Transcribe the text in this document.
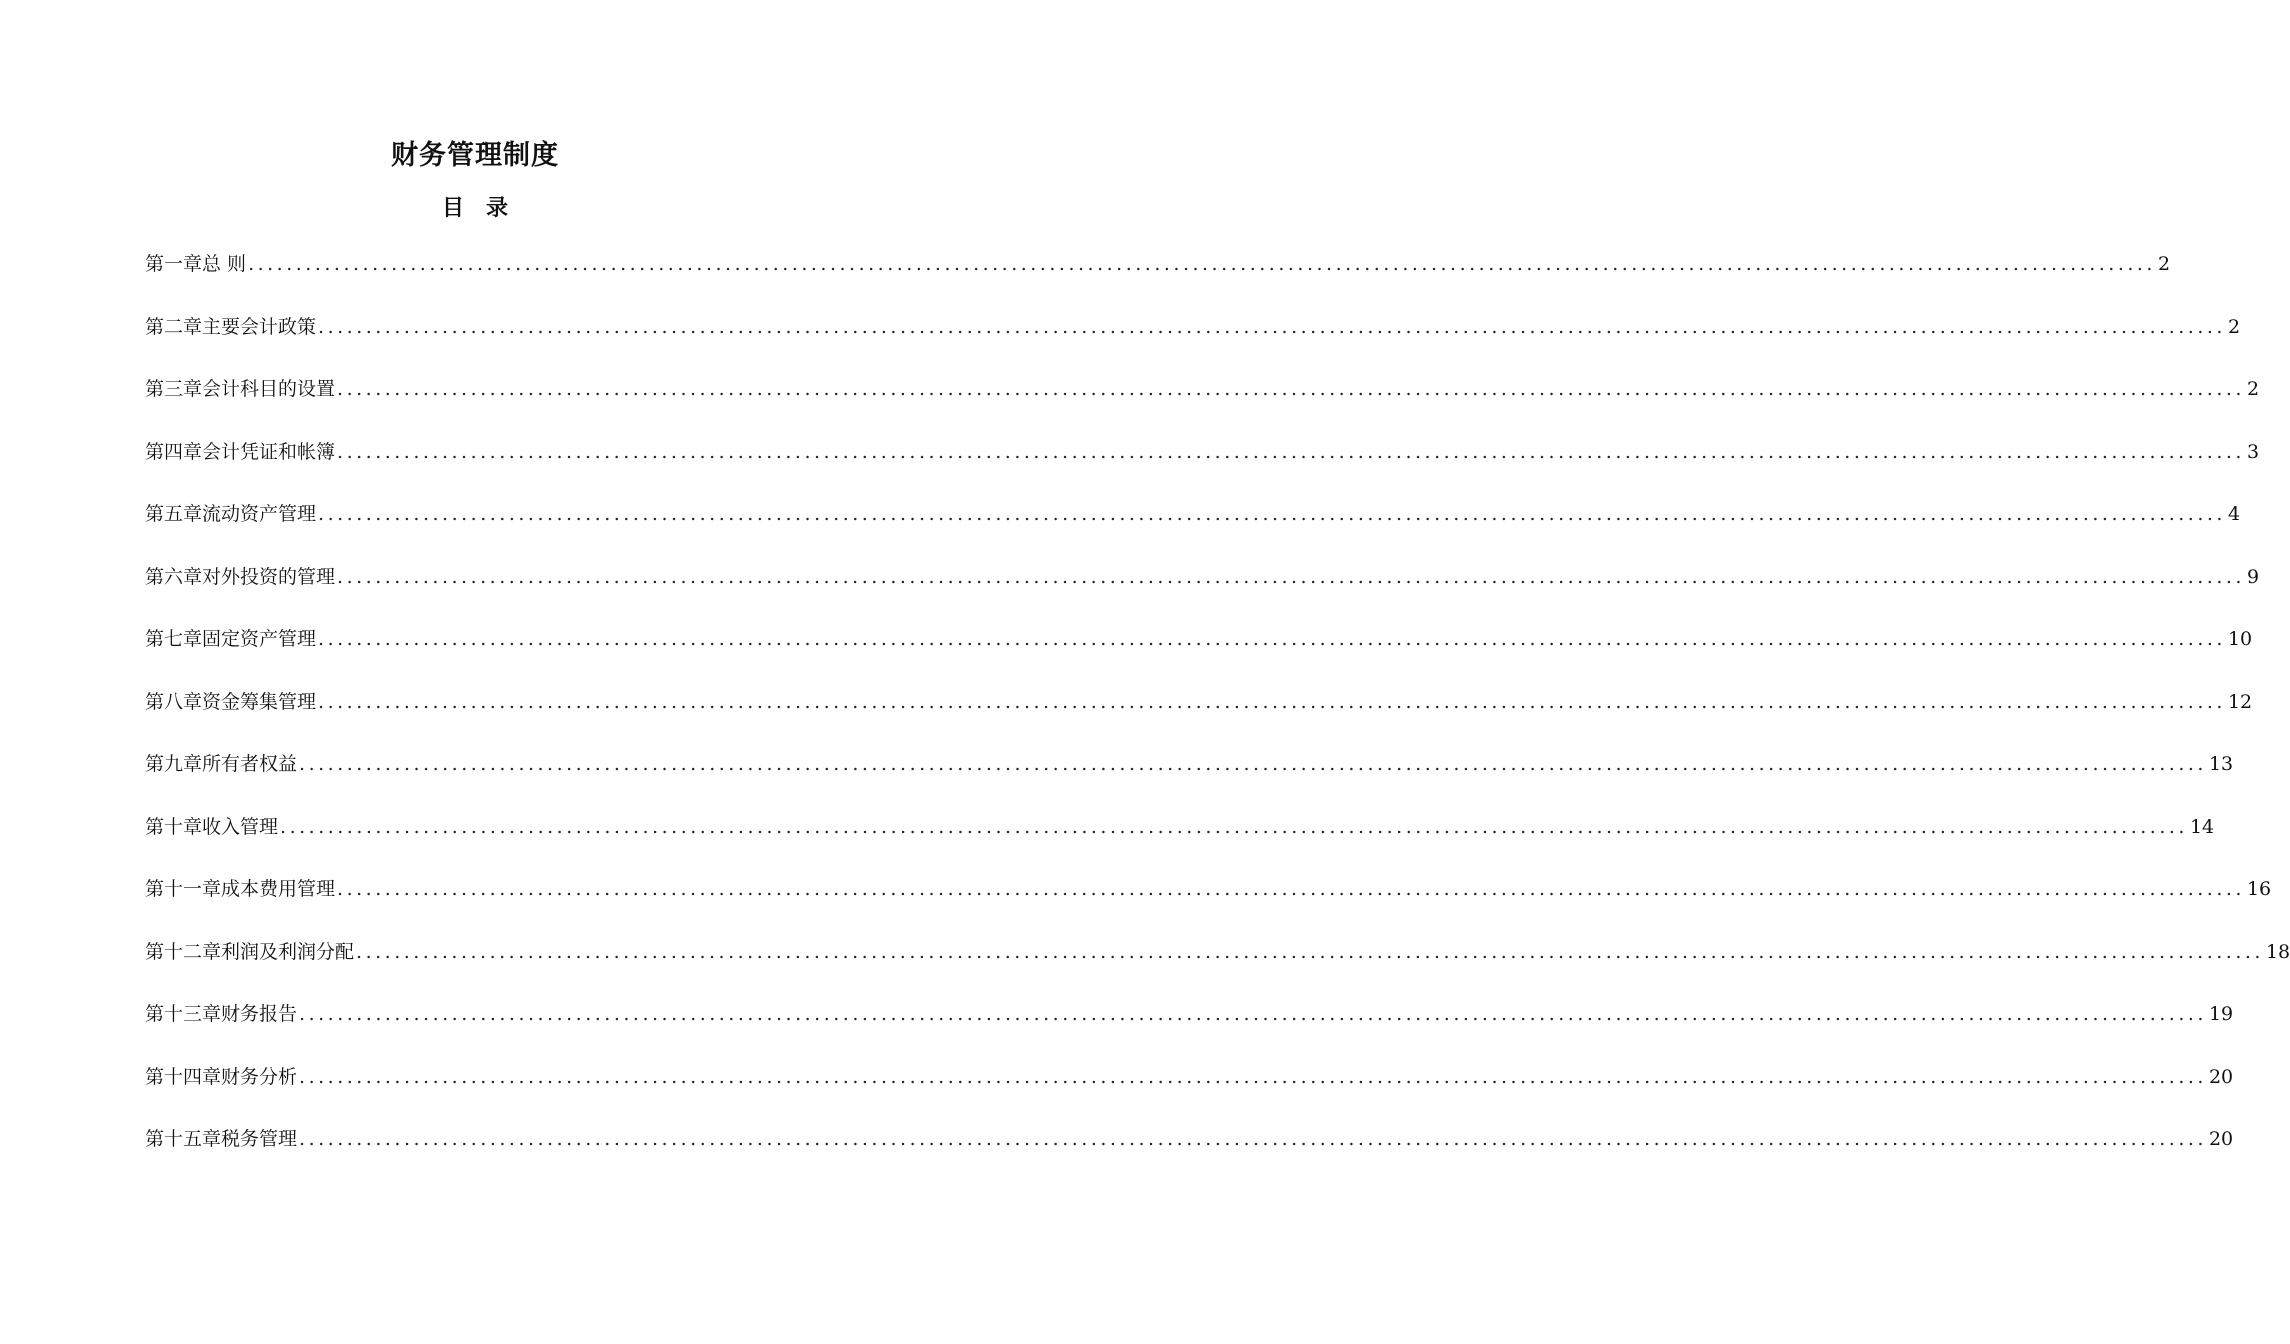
财务管理制度
目　录
第一章 总 则 ........................................................................................................................................................................................................ 2
第二章 主要会计政策 ........................................................................................................................................................................................................ 2
第三章 会计科目的设置 ........................................................................................................................................................................................................ 2
第四章 会计凭证和帐簿 ........................................................................................................................................................................................................ 3
第五章 流动资产管理 ........................................................................................................................................................................................................ 4
第六章 对外投资的管理 ........................................................................................................................................................................................................ 9
第七章 固定资产管理 ........................................................................................................................................................................................................ 10
第八章 资金筹集管理 ........................................................................................................................................................................................................ 12
第九章 所有者权益 ........................................................................................................................................................................................................ 13
第十章 收入管理 ........................................................................................................................................................................................................ 14
第十一章 成本费用管理 ........................................................................................................................................................................................................ 16
第十二章 利润及利润分配 ........................................................................................................................................................................................................ 18
第十三章 财务报告 ........................................................................................................................................................................................................ 19
第十四章 财务分析 ........................................................................................................................................................................................................ 20
第十五章 税务管理 ........................................................................................................................................................................................................ 20
